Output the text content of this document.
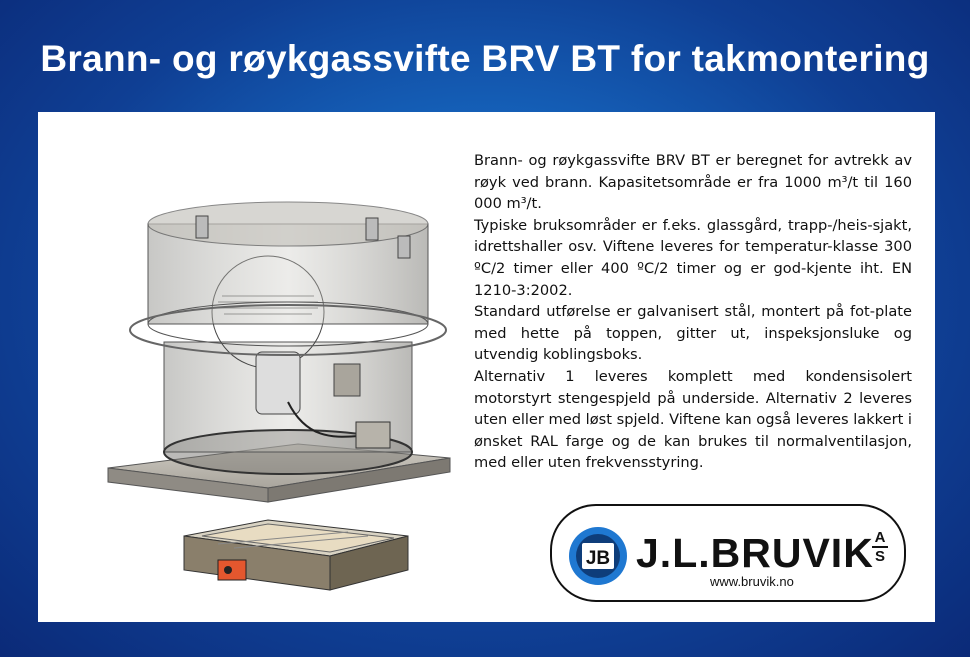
Brann- og røykgassvifte BRV BT for takmontering

Brann- og røykgassvifte BRV BT er beregnet for avtrekk av røyk ved brann. Kapasitetsområde er fra 1000 m³/t til 160 000 m³/t.

Typiske bruksområder er f.eks. glassgård, trapp-/heis-sjakt, idrettshaller osv. Viftene leveres for temperatur-klasse 300 ºC/2 timer eller 400 ºC/2 timer og er god-kjente iht. EN 1210-3:2002.

Standard utførelse er galvanisert stål, montert på fot-plate med hette på toppen, gitter ut, inspeksjonsluke og utvendig koblingsboks.

Alternativ 1 leveres komplett med kondensisolert motorstyrt stengespjeld på underside. Alternativ 2 leveres uten eller med løst spjeld. Viftene kan også leveres lakkert i ønsket RAL farge og de kan brukes til normalventilasjon, med eller uten frekvensstyring.

JB J.L.BRUVIK A
S
www.bruvik.no
